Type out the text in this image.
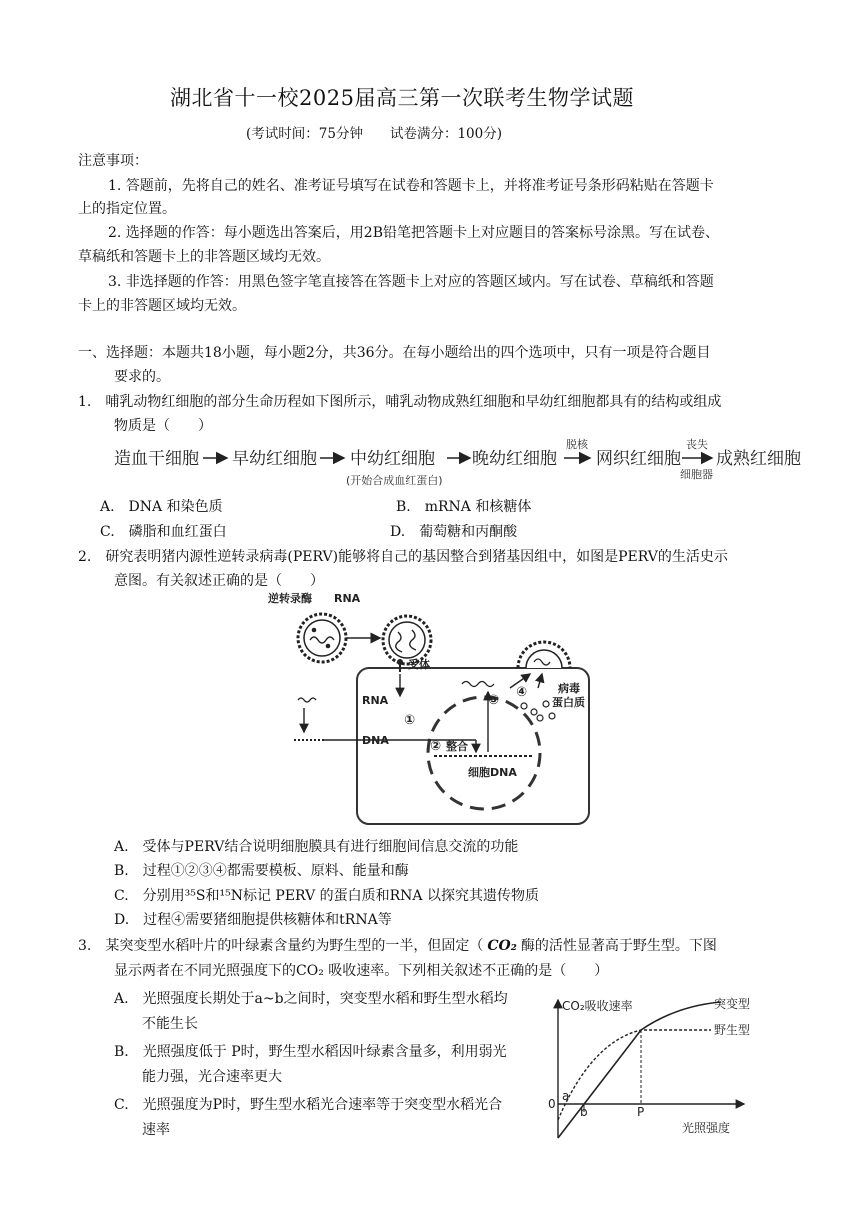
湖北省十一校2025届高三第一次联考生物学试题
(考试时间：75分钟　　试卷满分：100分)
注意事项：
1. 答题前，先将自己的姓名、准考证号填写在试卷和答题卡上，并将准考证号条形码粘贴在答题卡
上的指定位置。
2. 选择题的作答：每小题选出答案后，用2B铅笔把答题卡上对应题目的答案标号涂黑。写在试卷、
草稿纸和答题卡上的非答题区域均无效。
3. 非选择题的作答：用黑色签字笔直接答在答题卡上对应的答题区域内。写在试卷、草稿纸和答题
卡上的非答题区域均无效。
一、选择题：本题共18小题，每小题2分，共36分。在每小题给出的四个选项中，只有一项是符合题目
要求的。
1.　哺乳动物红细胞的部分生命历程如下图所示，哺乳动物成熟红细胞和早幼红细胞都具有的结构或组成
物质是（　　）
造血干细胞 早幼红细胞 中幼红细胞 晚幼红细胞 网织红细胞 成熟红细胞
(开始合成血红蛋白)
脱核	丧失
细胞器
A.　DNA 和染色质	B.　mRNA 和核糖体
C.　磷脂和血红蛋白	D.　葡萄糖和丙酮酸
2.　研究表明猪内源性逆转录病毒(PERV)能够将自己的基因整合到猪基因组中，如图是PERV的生活史示
意图。有关叙述正确的是（　　）
逆转录酶 RNA
受体
RNA
DNA
①
② 整合
③
④	病毒
蛋白质
细胞DNA
A.　受体与PERV结合说明细胞膜具有进行细胞间信息交流的功能
B.　过程①②③④都需要模板、原料、能量和酶
C.　分别用³⁵S和¹⁵N标记 PERV 的蛋白质和RNA 以探究其遗传物质
D.　过程④需要猪细胞提供核糖体和tRNA等
3.　某突变型水稻叶片的叶绿素含量约为野生型的一半，但固定（ CO₂ 酶的活性显著高于野生型。下图
显示两者在不同光照强度下的CO₂ 吸收速率。下列相关叙述不正确的是（　　）
A.　光照强度长期处于a~b之间时，突变型水稻和野生型水稻均
不能生长
B.　光照强度低于 P时，野生型水稻因叶绿素含量多，利用弱光
能力强，光合速率更大
C.　光照强度为P时，野生型水稻光合速率等于突变型水稻光合
速率
CO₂吸收速率
光照强度
突变型
野生型
0
a
b	P
